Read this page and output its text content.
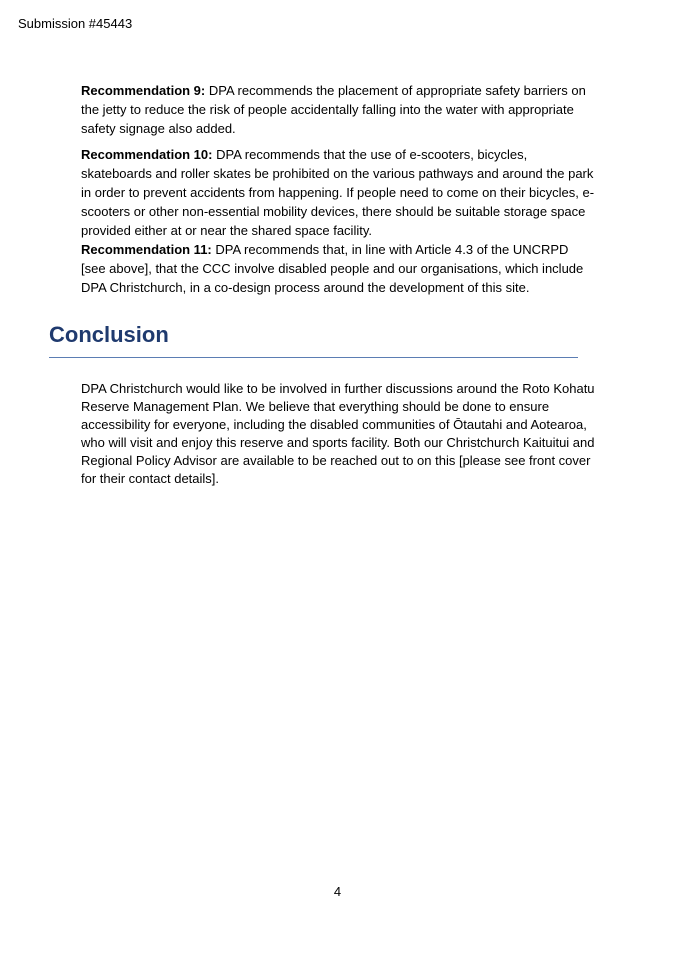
Submission #45443

Recommendation 9: DPA recommends the placement of appropriate safety barriers on the jetty to reduce the risk of people accidentally falling into the water with appropriate safety signage also added.

Recommendation 10: DPA recommends that the use of e-scooters, bicycles, skateboards and roller skates be prohibited on the various pathways and around the park in order to prevent accidents from happening. If people need to come on their bicycles, e-scooters or other non-essential mobility devices, there should be suitable storage space provided either at or near the shared space facility.

Recommendation 11: DPA recommends that, in line with Article 4.3 of the UNCRPD [see above], that the CCC involve disabled people and our organisations, which include DPA Christchurch, in a co-design process around the development of this site.

Conclusion

DPA Christchurch would like to be involved in further discussions around the Roto Kohatu Reserve Management Plan. We believe that everything should be done to ensure accessibility for everyone, including the disabled communities of Ōtautahi and Aotearoa, who will visit and enjoy this reserve and sports facility. Both our Christchurch Kaituitui and Regional Policy Advisor are available to be reached out to on this [please see front cover for their contact details].

4
